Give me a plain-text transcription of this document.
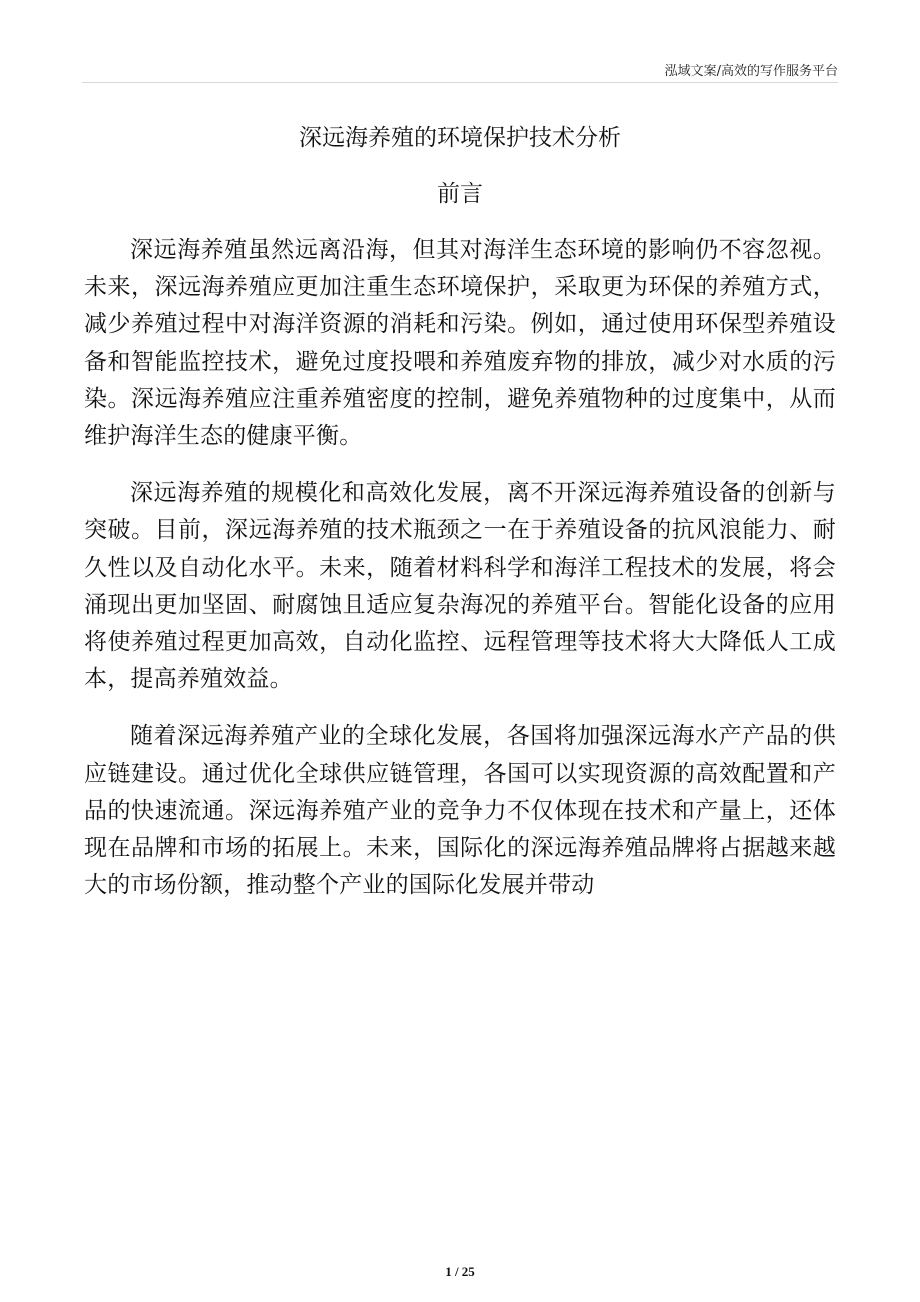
泓域文案/高效的写作服务平台
深远海养殖的环境保护技术分析
前言

深远海养殖虽然远离沿海，但其对海洋生态环境的影响仍不容忽视。未来，深远海养殖应更加注重生态环境保护，采取更为环保的养殖方式，减少养殖过程中对海洋资源的消耗和污染。例如，通过使用环保型养殖设备和智能监控技术，避免过度投喂和养殖废弃物的排放，减少对水质的污染。深远海养殖应注重养殖密度的控制，避免养殖物种的过度集中，从而维护海洋生态的健康平衡。

深远海养殖的规模化和高效化发展，离不开深远海养殖设备的创新与突破。目前，深远海养殖的技术瓶颈之一在于养殖设备的抗风浪能力、耐久性以及自动化水平。未来，随着材料科学和海洋工程技术的发展，将会涌现出更加坚固、耐腐蚀且适应复杂海况的养殖平台。智能化设备的应用将使养殖过程更加高效，自动化监控、远程管理等技术将大大降低人工成本，提高养殖效益。

随着深远海养殖产业的全球化发展，各国将加强深远海水产产品的供应链建设。通过优化全球供应链管理，各国可以实现资源的高效配置和产品的快速流通。深远海养殖产业的竞争力不仅体现在技术和产量上，还体现在品牌和市场的拓展上。未来，国际化的深远海养殖品牌将占据越来越大的市场份额，推动整个产业的国际化发展并带动

1 / 25
